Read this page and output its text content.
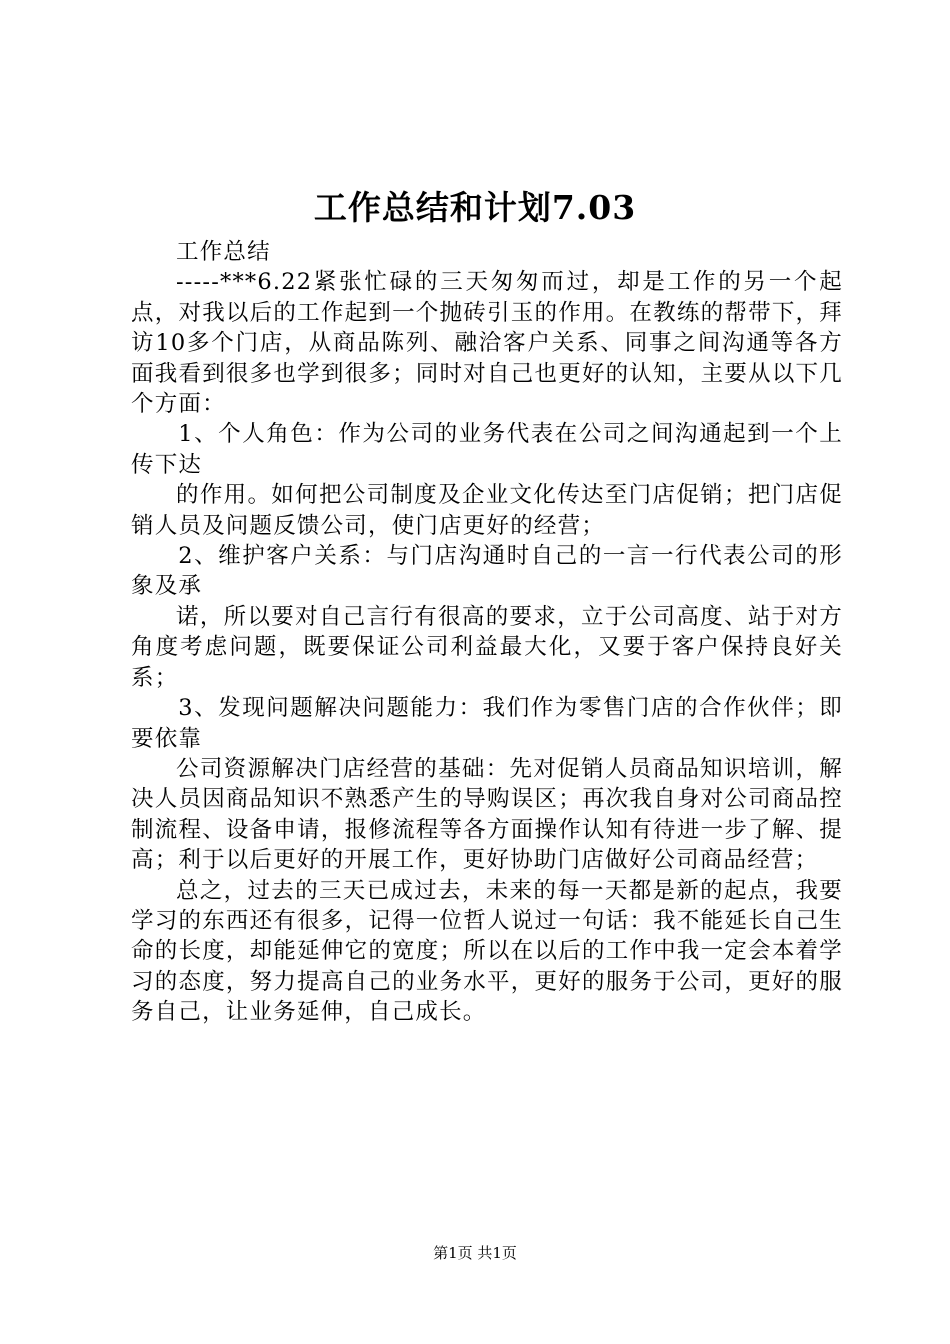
工作总结和计划7.03

工作总结

-----***6.22紧张忙碌的三天匆匆而过，却是工作的另一个起点，对我以后的工作起到一个抛砖引玉的作用。在教练的帮带下，拜访10多个门店，从商品陈列、融洽客户关系、同事之间沟通等各方面我看到很多也学到很多；同时对自己也更好的认知，主要从以下几个方面：

1、个人角色：作为公司的业务代表在公司之间沟通起到一个上传下达

的作用。如何把公司制度及企业文化传达至门店促销；把门店促销人员及问题反馈公司，使门店更好的经营；

2、维护客户关系：与门店沟通时自己的一言一行代表公司的形象及承

诺，所以要对自己言行有很高的要求，立于公司高度、站于对方角度考虑问题，既要保证公司利益最大化，又要于客户保持良好关系；

3、发现问题解决问题能力：我们作为零售门店的合作伙伴；即要依靠

公司资源解决门店经营的基础：先对促销人员商品知识培训，解决人员因商品知识不熟悉产生的导购误区；再次我自身对公司商品控制流程、设备申请，报修流程等各方面操作认知有待进一步了解、提高；利于以后更好的开展工作，更好协助门店做好公司商品经营；

总之，过去的三天已成过去，未来的每一天都是新的起点，我要学习的东西还有很多，记得一位哲人说过一句话：我不能延长自己生命的长度，却能延伸它的宽度；所以在以后的工作中我一定会本着学习的态度，努力提高自己的业务水平，更好的服务于公司，更好的服务自己，让业务延伸，自己成长。

第1页 共1页
